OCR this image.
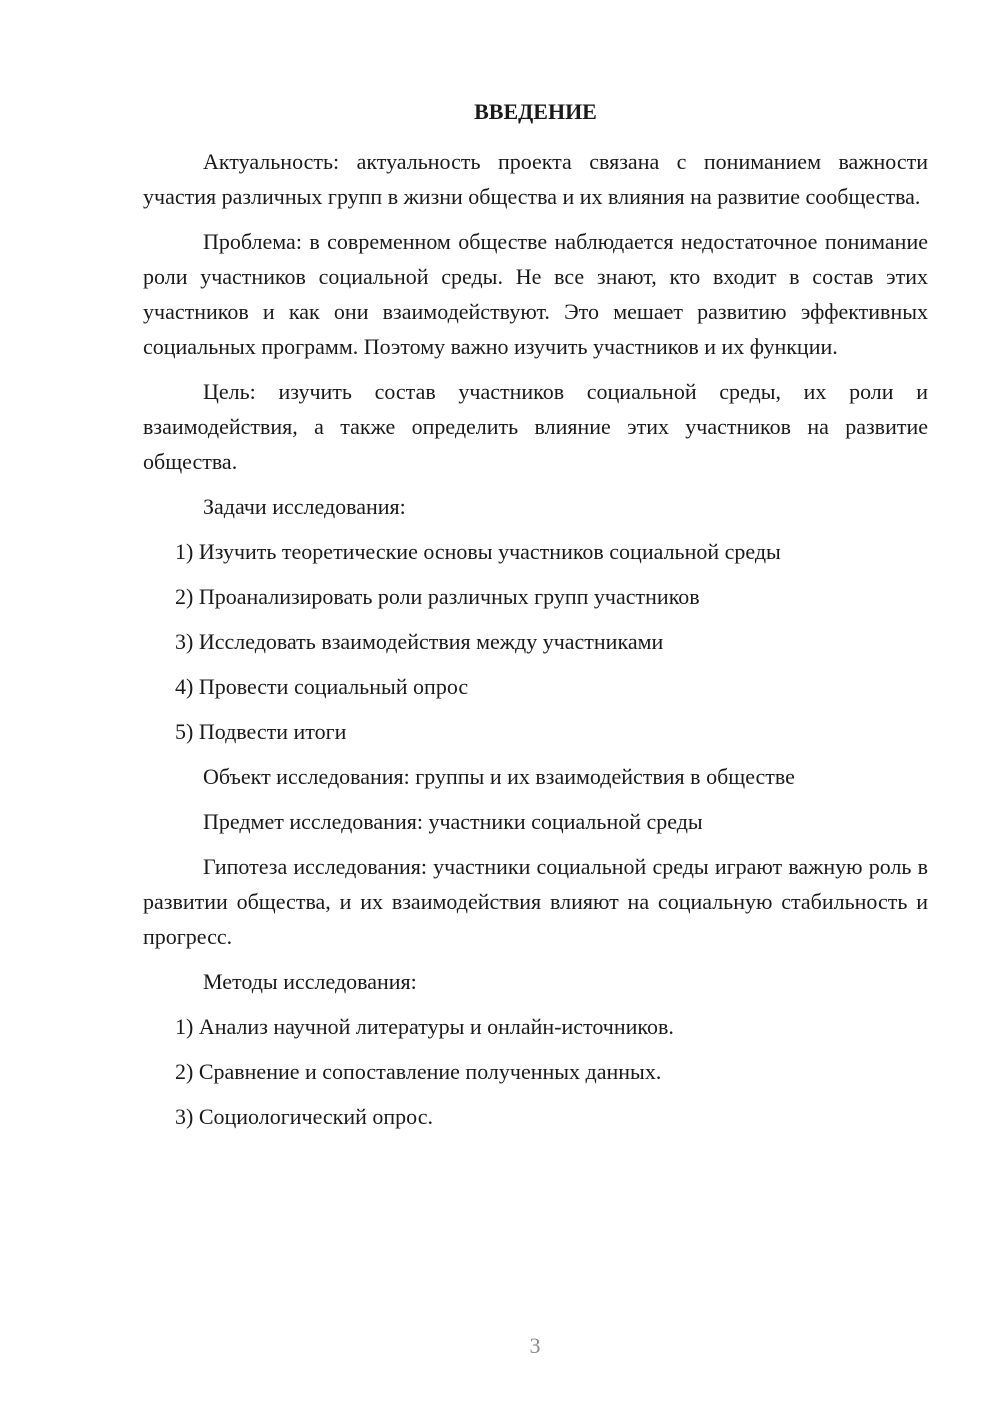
ВВЕДЕНИЕ

Актуальность: актуальность проекта связана с пониманием важности участия различных групп в жизни общества и их влияния на развитие сообщества.

Проблема: в современном обществе наблюдается недостаточное понимание роли участников социальной среды. Не все знают, кто входит в состав этих участников и как они взаимодействуют. Это мешает развитию эффективных социальных программ. Поэтому важно изучить участников и их функции.

Цель: изучить состав участников социальной среды, их роли и взаимодействия, а также определить влияние этих участников на развитие общества.

Задачи исследования:

1) Изучить теоретические основы участников социальной среды

2) Проанализировать роли различных групп участников

3) Исследовать взаимодействия между участниками

4) Провести социальный опрос

5) Подвести итоги

Объект исследования: группы и их взаимодействия в обществе

Предмет исследования: участники социальной среды

Гипотеза исследования: участники социальной среды играют важную роль в развитии общества, и их взаимодействия влияют на социальную стабильность и прогресс.

Методы исследования:

1) Анализ научной литературы и онлайн-источников.

2) Сравнение и сопоставление полученных данных.

3) Социологический опрос.

3
